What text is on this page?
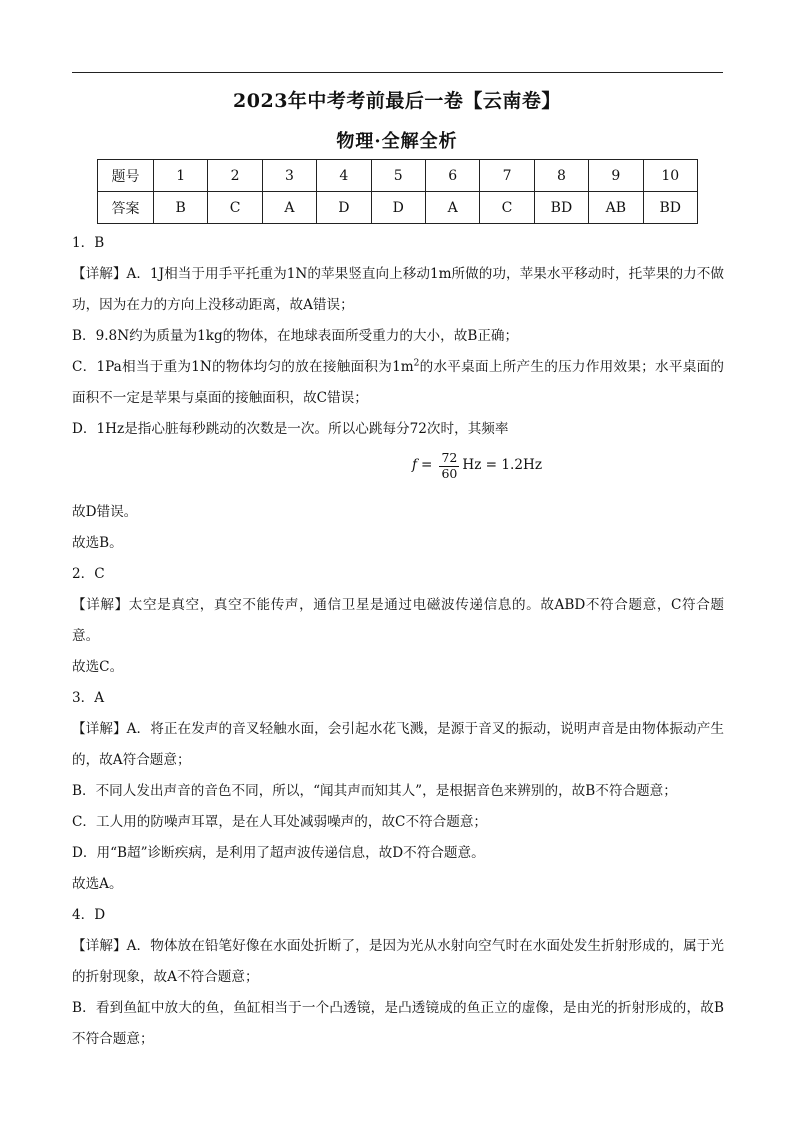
2023年中考考前最后一卷【云南卷】
物理·全解全析
题号	1	2	3	4	5	6	7	8	9	10
答案	B	C	A	D	D	A	C	BD	AB	BD

1．B

【详解】A．1J相当于用手平托重为1N的苹果竖直向上移动1m所做的功，苹果水平移动时，托苹果的力不做功，因为在力的方向上没移动距离，故A错误；

B．9.8N约为质量为1kg的物体，在地球表面所受重力的大小，故B正确；

C．1Pa相当于重为1N的物体均匀的放在接触面积为$1m^2$的水平桌面上所产生的压力作用效果；水平桌面的面积不一定是苹果与桌面的接触面积，故C错误；

D．1Hz是指心脏每秒跳动的次数是一次。所以心跳每分72次时，其频率

$f = \frac{72}{60}$ Hz = 1.2Hz

故D错误。

故选B。

2．C

【详解】太空是真空，真空不能传声，通信卫星是通过电磁波传递信息的。故ABD不符合题意，C符合题意。

故选C。

3．A

【详解】A．将正在发声的音叉轻触水面，会引起水花飞溅，是源于音叉的振动，说明声音是由物体振动产生的，故A符合题意；

B．不同人发出声音的音色不同，所以，“闻其声而知其人”，是根据音色来辨别的，故B不符合题意；

C．工人用的防噪声耳罩，是在人耳处减弱噪声的，故C不符合题意；

D．用“B超”诊断疾病，是利用了超声波传递信息，故D不符合题意。

故选A。

4．D

【详解】A．物体放在铅笔好像在水面处折断了，是因为光从水射向空气时在水面处发生折射形成的，属于光的折射现象，故A不符合题意；

B．看到鱼缸中放大的鱼，鱼缸相当于一个凸透镜，是凸透镜成的鱼正立的虚像，是由光的折射形成的，故B不符合题意；
